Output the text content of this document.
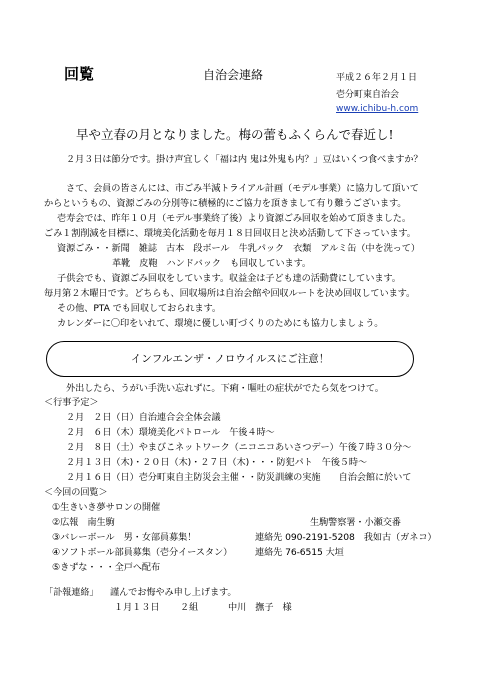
回覧	自治会連絡	平成２６年２月１日
壱分町東自治会
www.ichibu-h.com
早や立春の月となりました。梅の蕾もふくらんで春近し!
２月３日は節分です。掛け声宜しく「福は内 鬼は外鬼も内？」豆はいくつ食べますか？
さて、会員の皆さんには、市ごみ半減トライアル計画（モデル事業）に協力して頂いて
からというもの、資源ごみの分別等に積極的にご協力を頂きまして有り難うございます。
壱寿会では、昨年１０月（モデル事業終了後）より資源ごみ回収を始めて頂きました。
ごみ１割削減を目標に、環境美化活動を毎月１８日回収日と決め活動して下さっています。
資源ごみ・・新聞　雑誌　古本　段ボール　牛乳パック　衣類　アルミ缶（中を洗って）
革靴　皮鞄　ハンドバック　も回収しています。
子供会でも、資源ごみ回収をしています。収益金は子ども達の活動費にしています。
毎月第２木曜日です。どちらも、回収場所は自治会館や回収ルートを決め回収しています。
その他、PTA でも回収しておられます。
カレンダーに〇印をいれて、環境に優しい町づくりのためにも協力しましょう。
インフルエンザ・ノロウイルスにご注意！
外出したら、うがい手洗い忘れずに。下痢・嘔吐の症状がでたら気をつけて。
＜行事予定＞
２月　２日（日）自治連合会全体会議
２月　６日（木）環境美化パトロール　午後４時～
２月　８日（土）やまびこネットワーク（ニコニコあいさつデー）午後７時３０分～
２月１３日（木)・２０日（木)・２７日（木)・・・防犯パト　午後５時～
２月１６日（日）壱分町東自主防災会主催・・防災訓練の実施　　自治会館に於いて
＜今回の回覧＞
①生きいき夢サロンの開催
②広報　南生駒	生駒警察署・小瀬交番
③バレーボール　男・女部員募集！	連絡先 090-2191-5208　我如古（ガネコ）
④ソフトボール部員募集（壱分イースタン） 連絡先 76-6515 大垣
⑤きずな・・・全戸へ配布
「訃報連絡」 謹んでお悔やみ申し上げます。
１月１３日 ２組	中川　撫子　様
